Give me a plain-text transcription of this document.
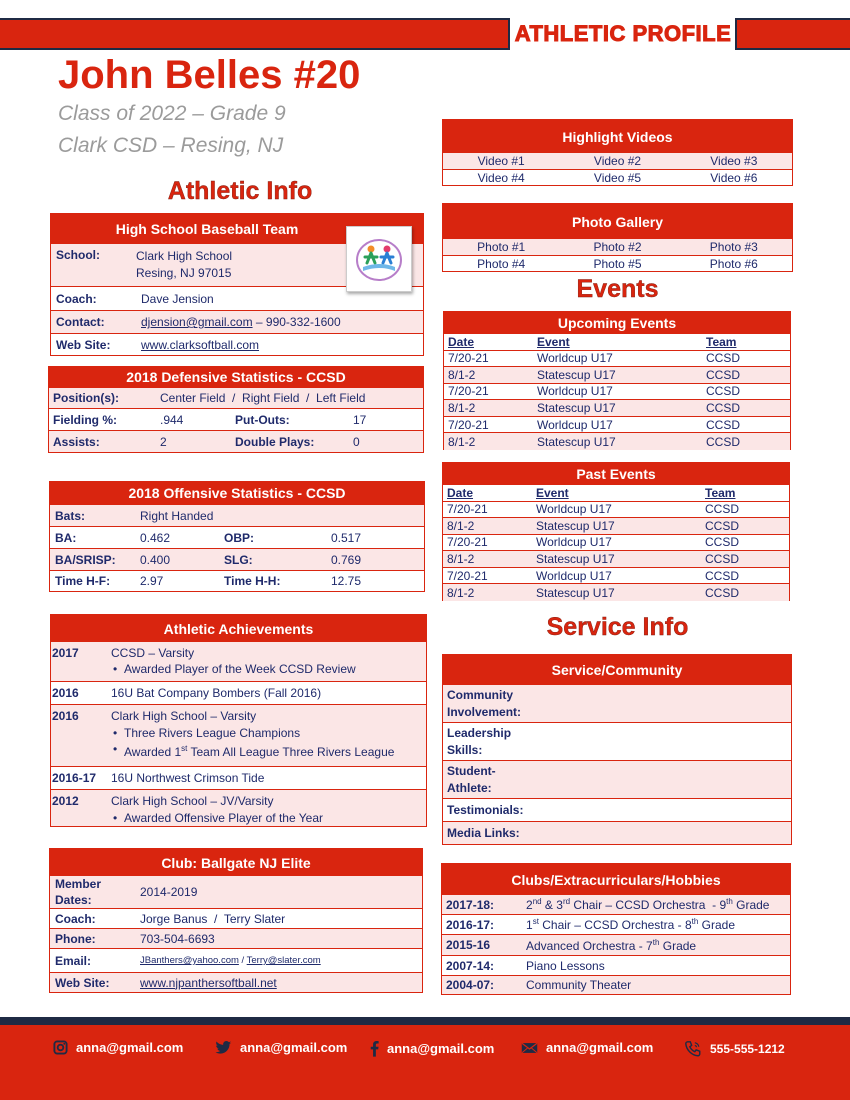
ATHLETIC PROFILE
John Belles #20
Class of 2022 – Grade 9
Clark CSD – Resing, NJ
Athletic Info
High School Baseball Team
School:	Clark High School
Resing, NJ 97015
Coach:	Dave Jension
Contact:	djension@gmail.com – 990-332-1600
Web Site:	www.clarksoftball.com
2018 Defensive Statistics - CCSD
Position(s):	Center Field  /  Right Field  /  Left Field
Fielding %:	.944	Put-Outs:	17
Assists:	2	Double Plays:	0
2018 Offensive Statistics - CCSD
Bats:	Right Handed
BA:	0.462	OBP:	0.517
BA/SRISP: 0.400	SLG:	0.769
Time H-F: 2.97	Time H-H:	12.75
Athletic Achievements
2017	CCSD – Varsity
• Awarded Player of the Week CCSD Review
2016	16U Bat Company Bombers (Fall 2016)
2016	Clark High School – Varsity
• Three Rivers League Champions
• Awarded 1st Team All League Three Rivers League
2016-17 16U Northwest Crimson Tide
2012	Clark High School – JV/Varsity
• Awarded Offensive Player of the Year
Club: Ballgate NJ Elite
Member Dates:
2014-2019
Coach:	Jorge Banus  /  Terry Slater
Phone:	703-504-6693
Email:	JBanthers@yahoo.com / Terry@slater.com
Web Site:	www.njpanthersoftball.net
Highlight Videos
Video #1	Video #2	Video #3
Video #4	Video #5	Video #6
Photo Gallery
Photo #1	Photo #2	Photo #3
Photo #4	Photo #5	Photo #6
Events
Upcoming Events
Date	Event	Team
7/20-21	Worldcup U17	CCSD
8/1-2	Statescup U17	CCSD
7/20-21	Worldcup U17	CCSD
8/1-2	Statescup U17	CCSD
7/20-21	Worldcup U17	CCSD
8/1-2	Statescup U17	CCSD
Past Events
Date	Event	Team
7/20-21	Worldcup U17	CCSD
8/1-2	Statescup U17	CCSD
7/20-21	Worldcup U17	CCSD
8/1-2	Statescup U17	CCSD
7/20-21	Worldcup U17	CCSD
8/1-2	Statescup U17	CCSD
Service Info
Service/Community
Community Involvement:
Leadership Skills:
Student-Athlete:
Testimonials:
Media Links:
Clubs/Extracurriculars/Hobbies
2017-18:	2nd & 3rd Chair – CCSD Orchestra  - 9th Grade
2016-17:	1st Chair – CCSD Orchestra - 8th Grade
2015-16	Advanced Orchestra - 7th Grade
2007-14:	Piano Lessons
2004-07:	Community Theater
anna@gmail.com	anna@gmail.com	anna@gmail.com	anna@gmail.com	555-555-1212
